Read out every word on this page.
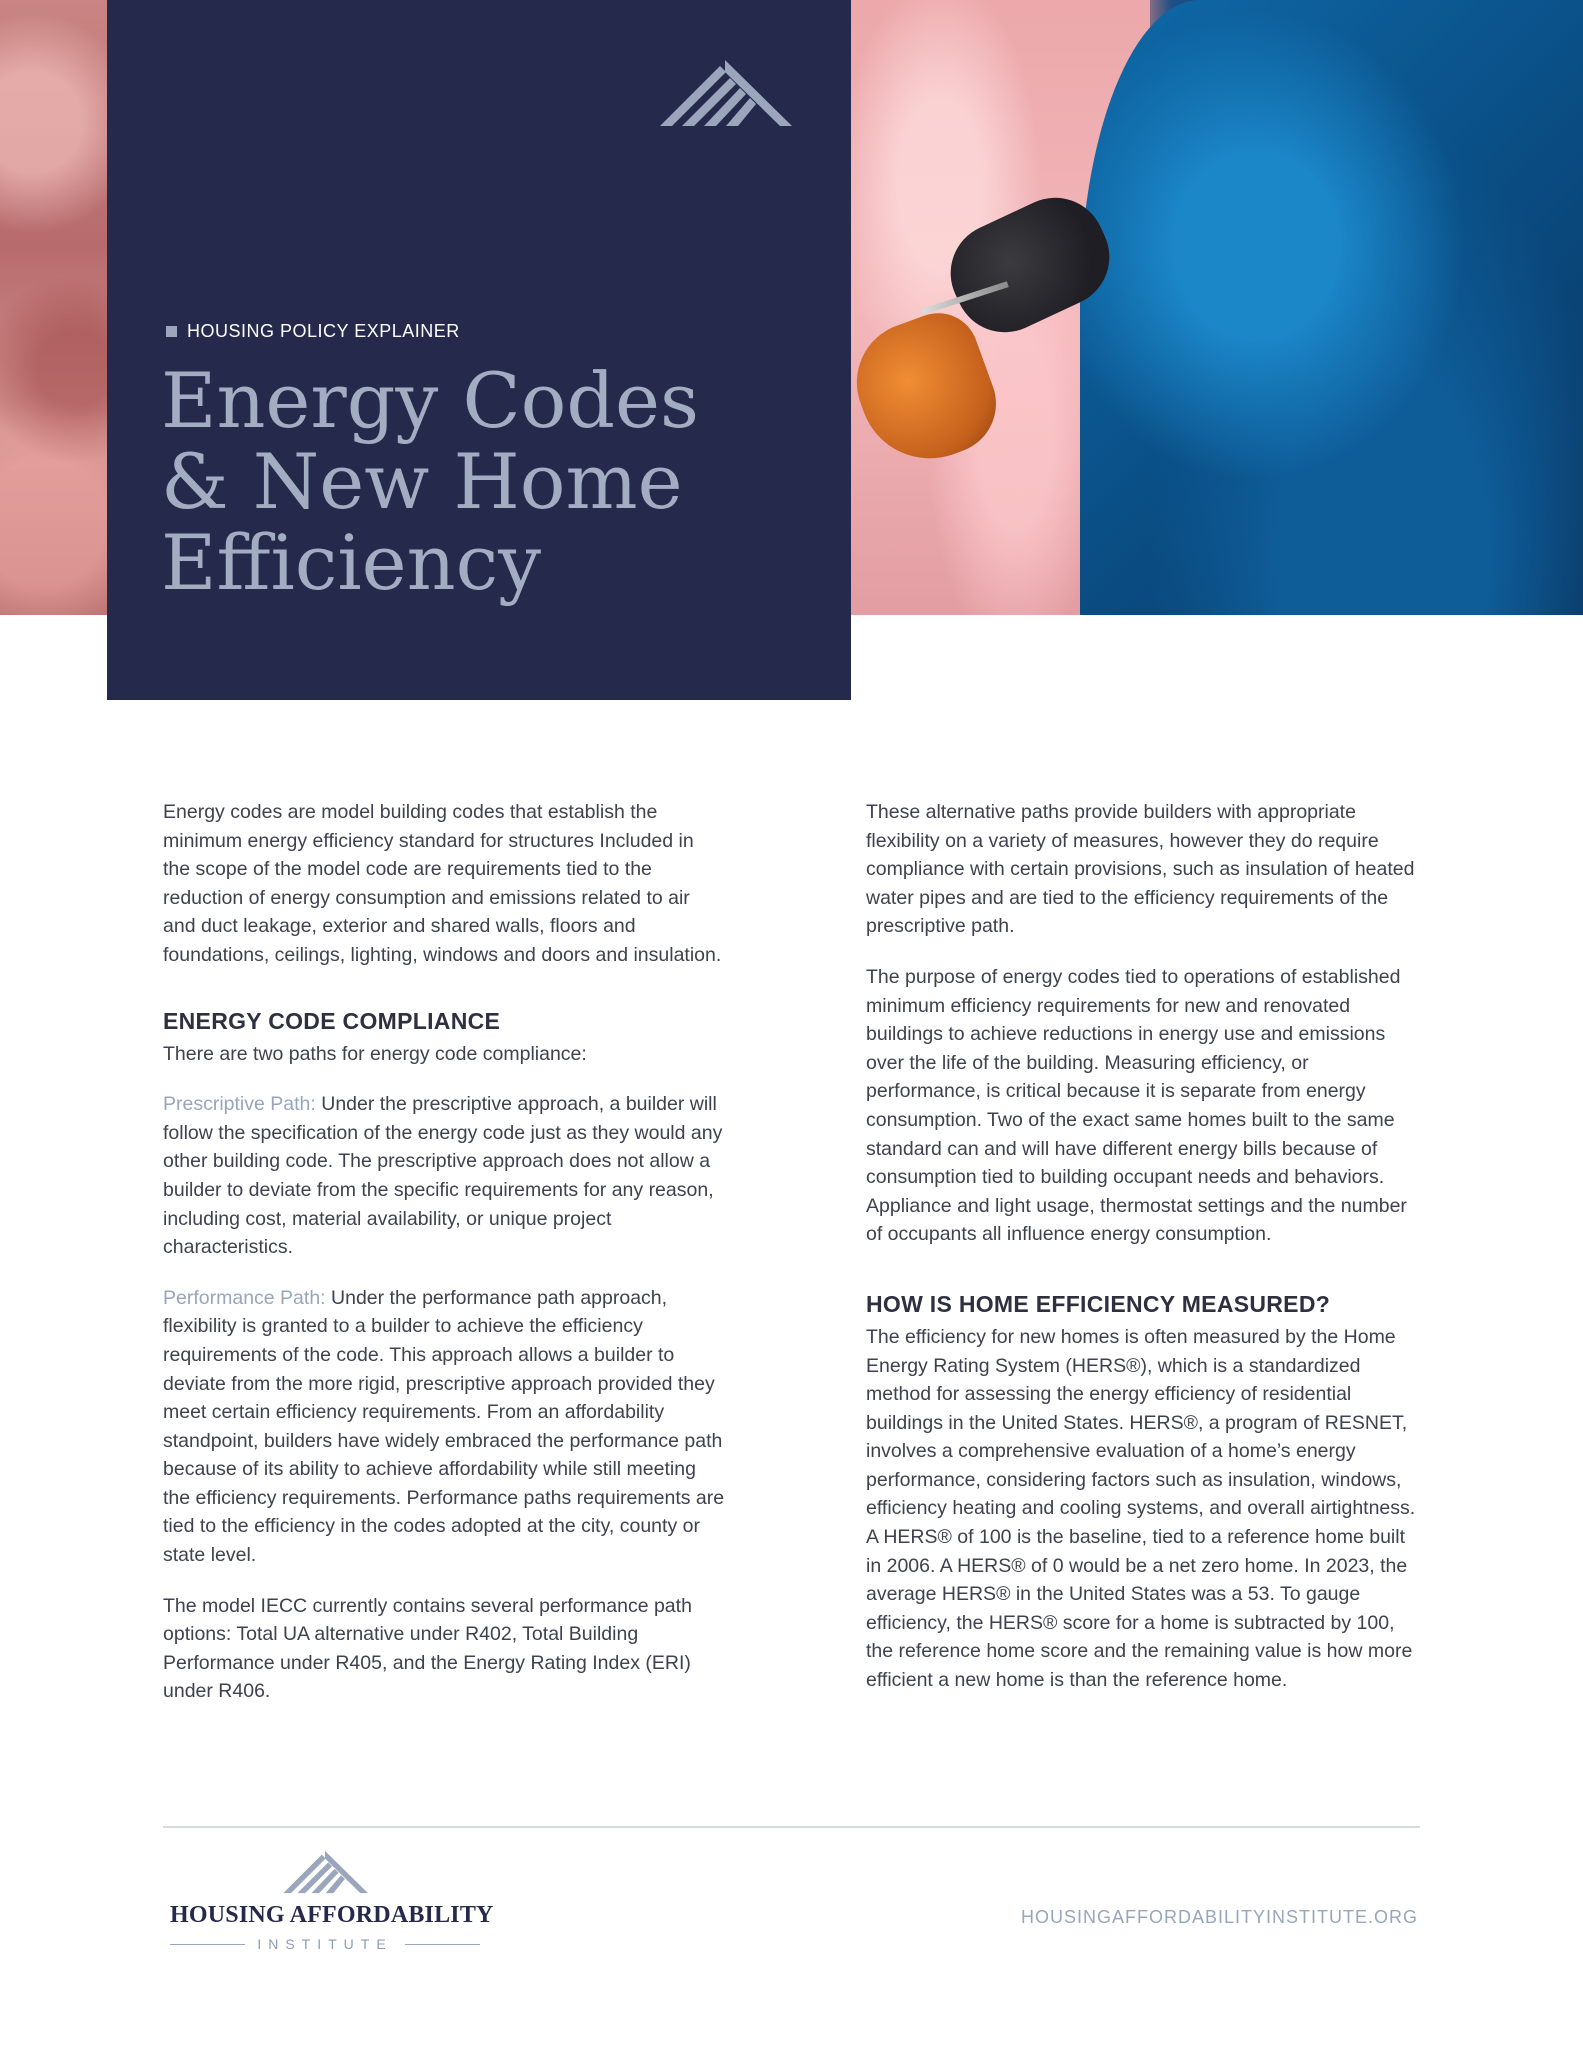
HOUSING POLICY EXPLAINER
Energy Codes
& New Home
Efficiency

Energy codes are model building codes that establish the minimum energy efficiency standard for structures Included in the scope of the model code are requirements tied to the reduction of energy consumption and emissions related to air and duct leakage, exterior and shared walls, floors and foundations, ceilings, lighting, windows and doors and insulation.

ENERGY CODE COMPLIANCE

There are two paths for energy code compliance:

Prescriptive Path: Under the prescriptive approach, a builder will follow the specification of the energy code just as they would any other building code. The prescriptive approach does not allow a builder to deviate from the specific requirements for any reason, including cost, material availability, or unique project characteristics.

Performance Path: Under the performance path approach, flexibility is granted to a builder to achieve the efficiency requirements of the code. This approach allows a builder to deviate from the more rigid, prescriptive approach provided they meet certain efficiency requirements. From an affordability standpoint, builders have widely embraced the performance path because of its ability to achieve affordability while still meeting the efficiency requirements. Performance paths requirements are tied to the efficiency in the codes adopted at the city, county or state level.

The model IECC currently contains several performance path options: Total UA alternative under R402, Total Building Performance under R405, and the Energy Rating Index (ERI) under R406.

These alternative paths provide builders with appropriate flexibility on a variety of measures, however they do require compliance with certain provisions, such as insulation of heated water pipes and are tied to the efficiency requirements of the prescriptive path.

The purpose of energy codes tied to operations of established minimum efficiency requirements for new and renovated buildings to achieve reductions in energy use and emissions over the life of the building. Measuring efficiency, or performance, is critical because it is separate from energy consumption. Two of the exact same homes built to the same standard can and will have different energy bills because of consumption tied to building occupant needs and behaviors. Appliance and light usage, thermostat settings and the number of occupants all influence energy consumption.

HOW IS HOME EFFICIENCY MEASURED?

The efficiency for new homes is often measured by the Home Energy Rating System (HERS®), which is a standardized method for assessing the energy efficiency of residential buildings in the United States. HERS®, a program of RESNET, involves a comprehensive evaluation of a home’s energy performance, considering factors such as insulation, windows, efficiency heating and cooling systems, and overall airtightness. A HERS® of 100 is the baseline, tied to a reference home built in 2006. A HERS® of 0 would be a net zero home. In 2023, the average HERS® in the United States was a 53. To gauge efficiency, the HERS® score for a home is subtracted by 100, the reference home score and the remaining value is how more efficient a new home is than the reference home.

HOUSING AFFORDABILITY
INSTITUTE
HOUSINGAFFORDABILITYINSTITUTE.ORG
